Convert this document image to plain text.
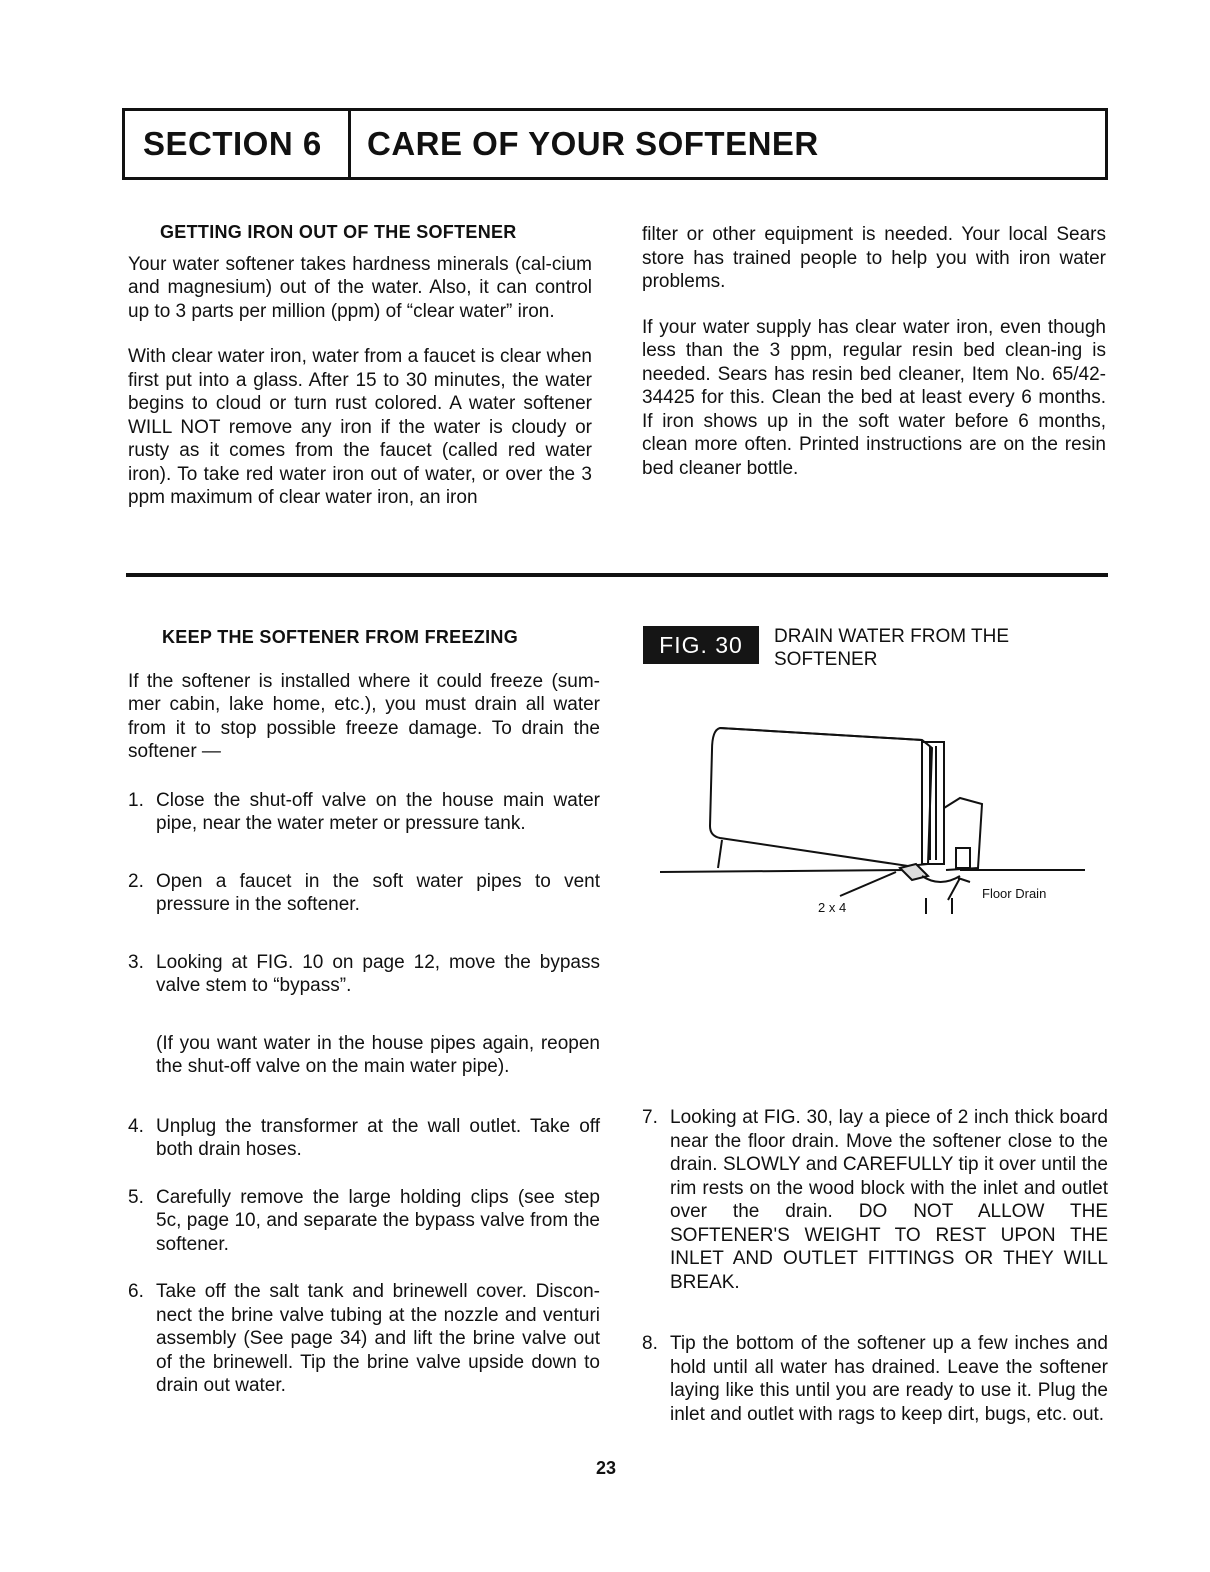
SECTION 6	CARE OF YOUR SOFTENER
GETTING IRON OUT OF THE SOFTENER

Your water softener takes hardness minerals (cal-cium and magnesium) out of the water. Also, it can control up to 3 parts per million (ppm) of “clear water” iron.

With clear water iron, water from a faucet is clear when first put into a glass. After 15 to 30 minutes, the water begins to cloud or turn rust colored. A water softener WILL NOT remove any iron if the water is cloudy or rusty as it comes from the faucet (called red water iron). To take red water iron out of water, or over the 3 ppm maximum of clear water iron, an iron

filter or other equipment is needed. Your local Sears store has trained people to help you with iron water problems.

If your water supply has clear water iron, even though less than the 3 ppm, regular resin bed clean-ing is needed. Sears has resin bed cleaner, Item No. 65/42-34425 for this. Clean the bed at least every 6 months. If iron shows up in the soft water before 6 months, clean more often. Printed instructions are on the resin bed cleaner bottle.

KEEP THE SOFTENER FROM FREEZING

If the softener is installed where it could freeze (sum-mer cabin, lake home, etc.), you must drain all water from it to stop possible freeze damage. To drain the softener —

1. Close the shut-off valve on the house main water pipe, near the water meter or pressure tank.
2. Open a faucet in the soft water pipes to vent pressure in the softener.
3. Looking at FIG. 10 on page 12, move the bypass valve stem to “bypass”.
(If you want water in the house pipes again, reopen the shut-off valve on the main water pipe).
4. Unplug the transformer at the wall outlet. Take off both drain hoses.
5. Carefully remove the large holding clips (see step 5c, page 10, and separate the bypass valve from the softener.
6. Take off the salt tank and brinewell cover. Discon-nect the brine valve tubing at the nozzle and venturi assembly (See page 34) and lift the brine valve out of the brinewell. Tip the brine valve upside down to drain out water.
FIG. 30	DRAIN WATER FROM THE SOFTENER
2 x 4
Floor Drain
7. Looking at FIG. 30, lay a piece of 2 inch thick board near the floor drain. Move the softener close to the drain. SLOWLY and CAREFULLY tip it over until the rim rests on the wood block with the inlet and outlet over the drain. DO NOT ALLOW THE SOFTENER'S WEIGHT TO REST UPON THE INLET AND OUTLET FITTINGS OR THEY WILL BREAK.
8. Tip the bottom of the softener up a few inches and hold until all water has drained. Leave the softener laying like this until you are ready to use it. Plug the inlet and outlet with rags to keep dirt, bugs, etc. out.
23
